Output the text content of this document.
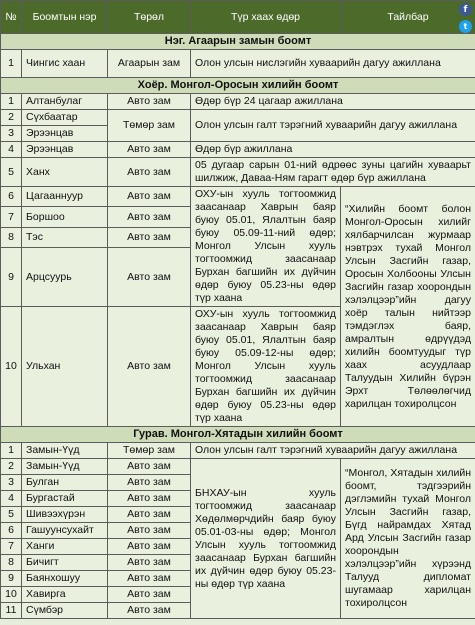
№	Боомтын нэр	Төрөл	Түр хаах өдөр	Тайлбар
Нэг. Агаарын замын боомт				
1	Чингис хаан	Агаарын зам	Олон улсын нислэгийн хуваарийн дагуу ажиллана	
Хоёр. Монгол-Оросын хилийн боомт				
1	Алтанбулаг	Авто зам	Өдөр бүр 24 цагаар ажиллана	
2	Сүхбаатар	Төмөр зам	Олон улсын галт тэрэгний хуваарийн дагуу ажиллана	
3	Эрээнцав			
4	Эрээнцав	Авто зам	Өдөр бүр ажиллана	
5	Ханх	Авто зам	05 дугаар сарын 01-ний өдрөөс зуны цагийн хуваарьт шилжиж, Даваа-Ням гарагт өдөр бүр ажиллана	
6	Цагааннуур	Авто зам	ОХУ-ын хууль тогтоомжид заасанаар Хаврын баяр буюу 05.01, Ялалтын баяр буюу 05.09-11-ний өдөр; Монгол Улсын хууль тогтоомжид заасанаар Бурхан багшийн их дүйчин өдөр буюу 05.23-ны өдөр түр хаана	“Хилийн боомт болон Монгол-Оросын хилийг хялбарчилсан журмаар нэвтрэх тухай Монгол Улсын Засгийн газар, Оросын Холбооны Улсын Засгийн газар хоорондын хэлэлцээр”ийн дагуу хоёр талын нийтээр тэмдэглэх баяр, амралтын өдрүүдэд хилийн боомтуудыг түр хаах асуудлаар Талуудын Хилийн бүрэн Эрхт Төлөөлөгчид харилцан тохиролцсон
7	Боршоо	Авто зам		
8	Тэс	Авто зам		
9	Арцсуурь	Авто зам		
10	Ульхан	Авто зам	ОХУ-ын хууль тогтоомжид заасанаар Хаврын баяр буюу 05.01, Ялалтын баяр буюу 05.09-12-ны өдөр; Монгол Улсын хууль тогтоомжид заасанаар Бурхан багшийн их дүйчин өдөр буюу 05.23-ны өдөр түр хаана	
Гурав. Монгол-Хятадын хилийн боомт				
1	Замын-Үүд	Төмөр зам	Олон улсын галт тэрэгний хуваарийн дагуу ажиллана	
2	Замын-Үүд	Авто зам	БНХАУ-ын хууль тогтоомжид заасанаар Хөдөлмөрчдийн баяр буюу 05.01-03-ны өдөр; Монгол Улсын хууль тогтоомжид заасанаар Бурхан багшийн их дүйчин өдөр буюу 05.23-ны өдөр түр хаана	“Монгол, Хятадын хилийн боомт, тэдгээрийн дэглэмийн тухай Монгол Улсын Засгийн газар, Бүгд найрамдах Хятад Ард Улсын Засгийн газар хоорондын хэлэлцээр”ийн хүрээнд Талууд дипломат шугамаар харилцан тохиролцсон
3	Булган	Авто зам		
4	Бургастай	Авто зам		
5	Шивээхүрэн	Авто зам		
6	Гашуунсухайт	Авто зам		
7	Ханги	Авто зам		
8	Бичигт	Авто зам		
9	Баянхошуу	Авто зам		
10	Хавирга	Авто зам		
11	Сүмбэр	Авто зам		
f
t
